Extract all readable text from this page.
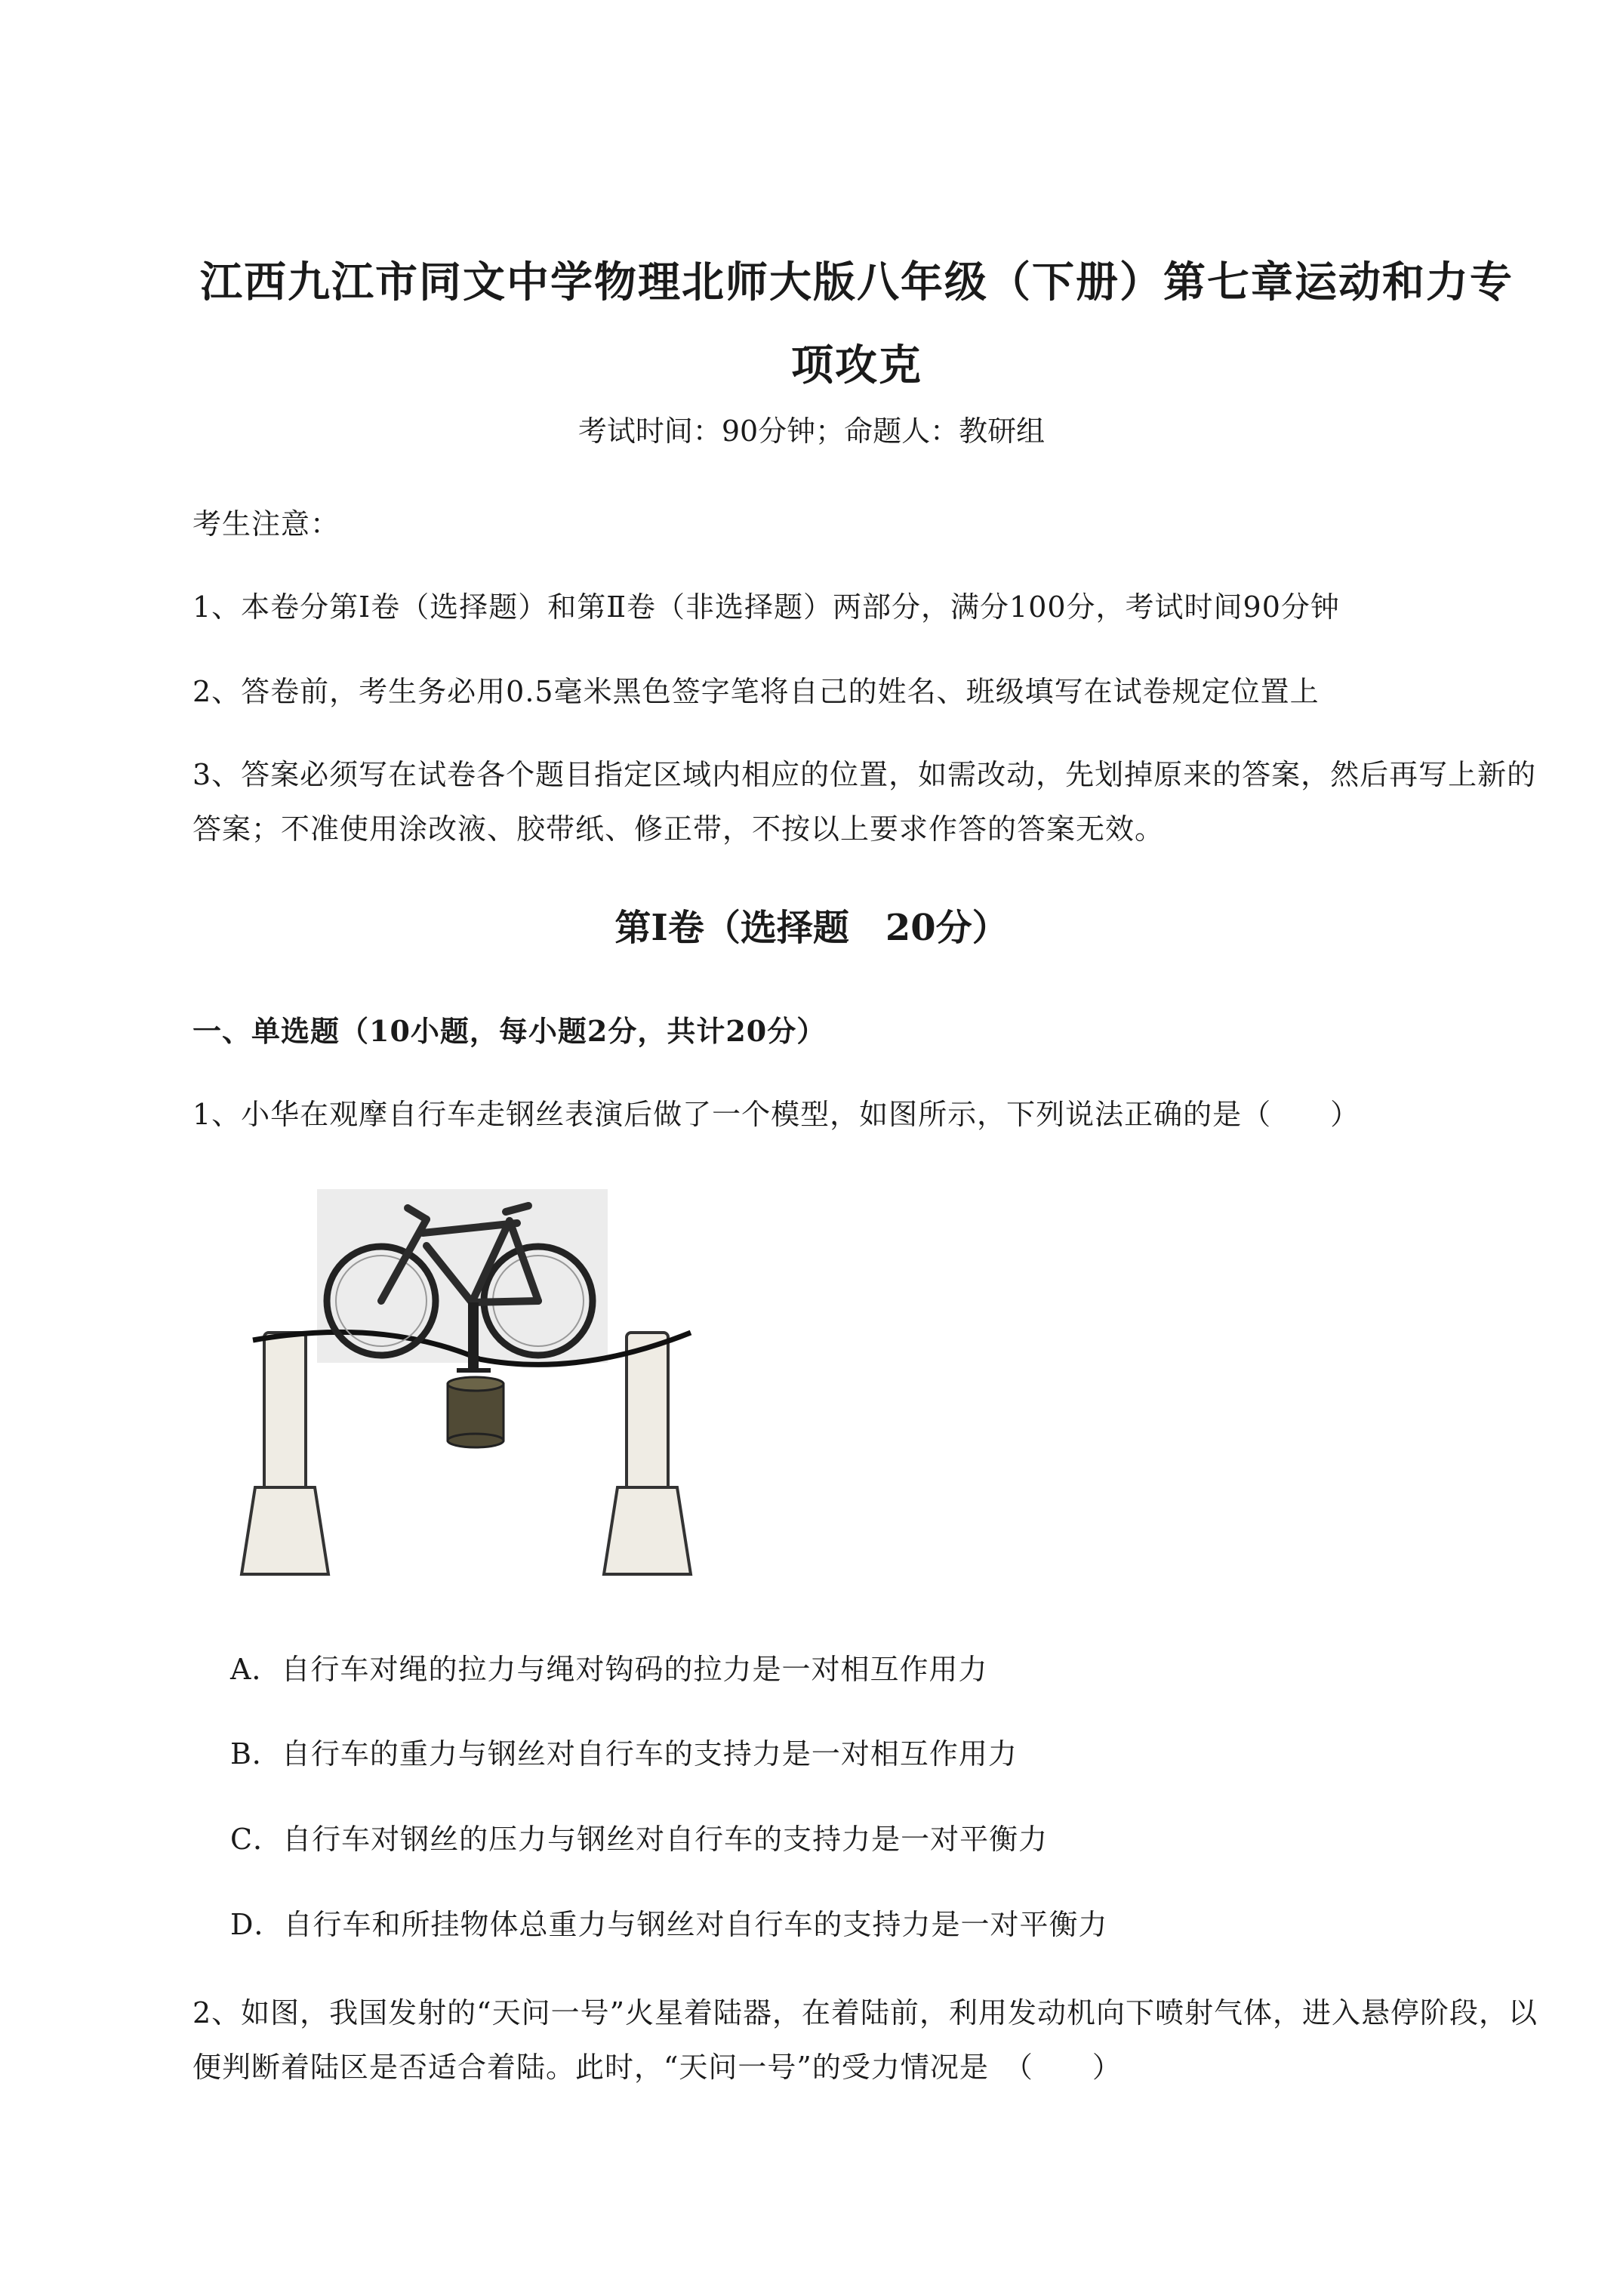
江西九江市同文中学物理北师大版八年级（下册）第七章运动和力专
项攻克
考试时间：90分钟；命题人：教研组
考生注意：
1、本卷分第Ⅰ卷（选择题）和第Ⅱ卷（非选择题）两部分，满分100分，考试时间90分钟
2、答卷前，考生务必用0.5毫米黑色签字笔将自己的姓名、班级填写在试卷规定位置上
3、答案必须写在试卷各个题目指定区域内相应的位置，如需改动，先划掉原来的答案，然后再写上新的答案；不准使用涂改液、胶带纸、修正带，不按以上要求作答的答案无效。
第Ⅰ卷（选择题　20分）
一、单选题（10小题，每小题2分，共计20分）
1、小华在观摩自行车走钢丝表演后做了一个模型，如图所示，下列说法正确的是（　　）
A．自行车对绳的拉力与绳对钩码的拉力是一对相互作用力
B．自行车的重力与钢丝对自行车的支持力是一对相互作用力
C．自行车对钢丝的压力与钢丝对自行车的支持力是一对平衡力
D．自行车和所挂物体总重力与钢丝对自行车的支持力是一对平衡力
2、如图，我国发射的“天问一号”火星着陆器，在着陆前，利用发动机向下喷射气体，进入悬停阶段，以便判断着陆区是否适合着陆。此时，“天问一号”的受力情况是　（　　）
